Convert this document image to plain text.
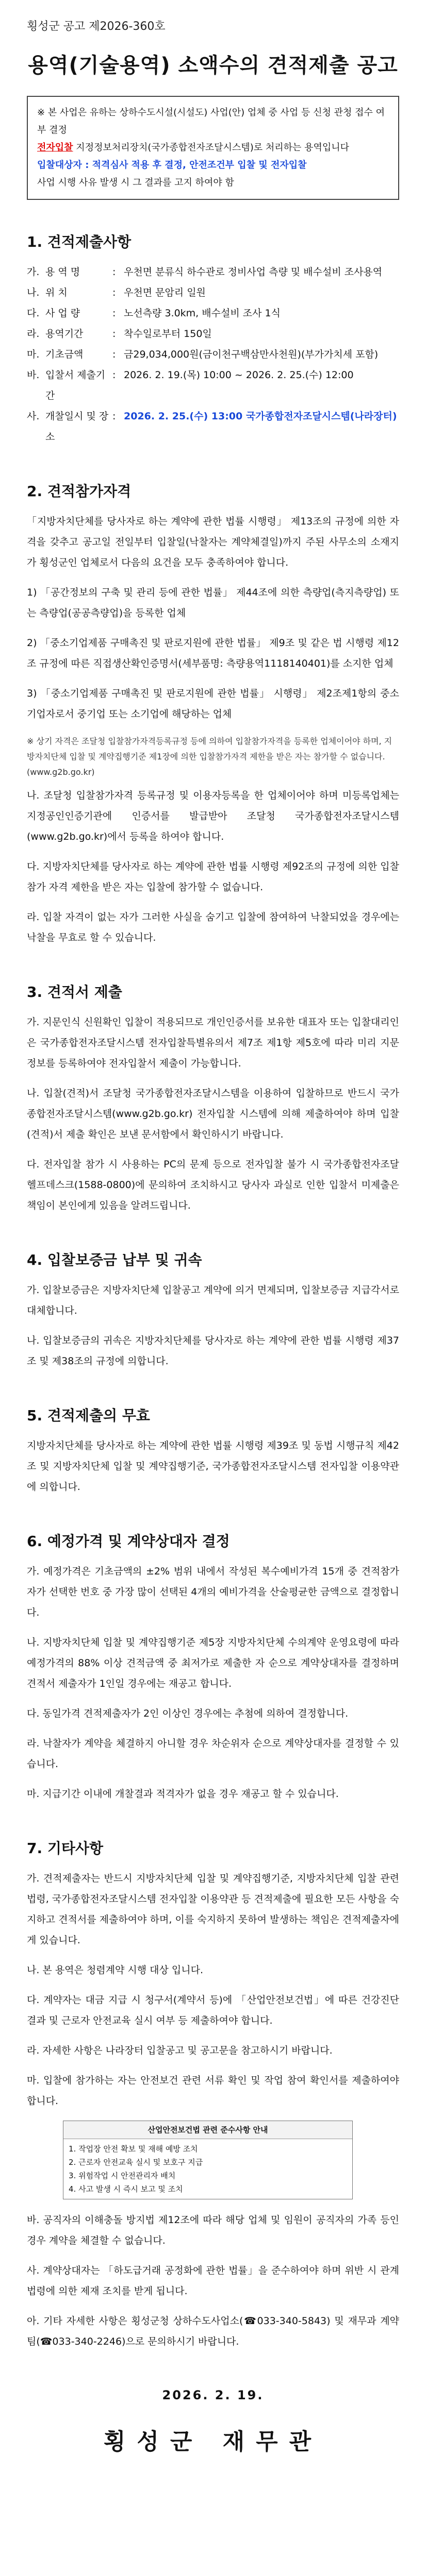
횡성군 공고 제2026-360호
용역(기술용역) 소액수의 견적제출 공고

※ 본 사업은 유하는 상하수도시설(시설도) 사업(안) 업체 중 사업 등 신청 관청 접수 여부 결정

전자입찰 지정정보처리장치(국가종합전자조달시스템)로 처리하는 용역입니다

입찰대상자 : 적격심사 적용 후 결정, 안전조건부 입찰 및 전자입찰

사업 시행 사유 발생 시 그 결과를 고지 하여야 함

1. 견적제출사항
가. 용 역 명	: 우천면 분류식 하수관로 정비사업 측량 및 배수설비 조사용역
나. 위 치	: 우천면 문암리 일원
다. 사 업 량	: 노선측량 3.0km, 배수설비 조사 1식
라. 용역기간	: 착수일로부터 150일
마. 기초금액	: 금29,034,000원(금이천구백삼만사천원)(부가가치세 포함)
바. 입찰서 제출기간
: 2026. 2. 19.(목) 10:00 ~ 2026. 2. 25.(수) 12:00
사. 개찰일시 및 장소
: 2026. 2. 25.(수) 13:00 국가종합전자조달시스템(나라장터)
2. 견적참가자격

「지방자치단체를 당사자로 하는 계약에 관한 법률 시행령」 제13조의 규정에 의한 자격을 갖추고 공고일 전일부터 입찰일(낙찰자는 계약체결일)까지 주된 사무소의 소재지가 횡성군인 업체로서 다음의 요건을 모두 충족하여야 합니다.

1) 「공간정보의 구축 및 관리 등에 관한 법률」 제44조에 의한 측량업(측지측량업) 또는 측량업(공공측량업)을 등록한 업체

2) 「중소기업제품 구매촉진 및 판로지원에 관한 법률」 제9조 및 같은 법 시행령 제12조 규정에 따른 직접생산확인증명서(세부품명: 측량용역1118140401)를 소지한 업체

3) 「중소기업제품 구매촉진 및 판로지원에 관한 법률」 시행령」 제2조제1항의 중소기업자로서 중기업 또는 소기업에 해당하는 업체

※ 상기 자격은 조달청 입찰참가자격등록규정 등에 의하여 입찰참가자격을 등록한 업체이어야 하며, 지방자치단체 입찰 및 계약집행기준 제1장에 의한 입찰참가자격 제한을 받은 자는 참가할 수 없습니다. (www.g2b.go.kr)

나. 조달청 입찰참가자격 등록규정 및 이용자등록을 한 업체이어야 하며 미등록업체는 지정공인인증기관에 인증서를 발급받아 조달청 국가종합전자조달시스템(www.g2b.go.kr)에서 등록을 하여야 합니다.

다. 지방자치단체를 당사자로 하는 계약에 관한 법률 시행령 제92조의 규정에 의한 입찰 참가 자격 제한을 받은 자는 입찰에 참가할 수 없습니다.

라. 입찰 자격이 없는 자가 그러한 사실을 숨기고 입찰에 참여하여 낙찰되었을 경우에는 낙찰을 무효로 할 수 있습니다.

3. 견적서 제출

가. 지문인식 신원확인 입찰이 적용되므로 개인인증서를 보유한 대표자 또는 입찰대리인은 국가종합전자조달시스템 전자입찰특별유의서 제7조 제1항 제5호에 따라 미리 지문정보를 등록하여야 전자입찰서 제출이 가능합니다.

나. 입찰(견적)서 조달청 국가종합전자조달시스템을 이용하여 입찰하므로 반드시 국가종합전자조달시스템(www.g2b.go.kr) 전자입찰 시스템에 의해 제출하여야 하며 입찰(견적)서 제출 확인은 보낸 문서함에서 확인하시기 바랍니다.

다. 전자입찰 참가 시 사용하는 PC의 문제 등으로 전자입찰 불가 시 국가종합전자조달 헬프데스크(1588-0800)에 문의하여 조치하시고 당사자 과실로 인한 입찰서 미제출은 책임이 본인에게 있음을 알려드립니다.

4. 입찰보증금 납부 및 귀속

가. 입찰보증금은 지방자치단체 입찰공고 계약에 의거 면제되며, 입찰보증금 지급각서로 대체합니다.

나. 입찰보증금의 귀속은 지방자치단체를 당사자로 하는 계약에 관한 법률 시행령 제37조 및 제38조의 규정에 의합니다.

5. 견적제출의 무효

지방자치단체를 당사자로 하는 계약에 관한 법률 시행령 제39조 및 동법 시행규칙 제42조 및 지방자치단체 입찰 및 계약집행기준, 국가종합전자조달시스템 전자입찰 이용약관에 의합니다.

6. 예정가격 및 계약상대자 결정

가. 예정가격은 기초금액의 ±2% 범위 내에서 작성된 복수예비가격 15개 중 견적참가자가 선택한 번호 중 가장 많이 선택된 4개의 예비가격을 산술평균한 금액으로 결정합니다.

나. 지방자치단체 입찰 및 계약집행기준 제5장 지방자치단체 수의계약 운영요령에 따라 예정가격의 88% 이상 견적금액 중 최저가로 제출한 자 순으로 계약상대자를 결정하며 견적서 제출자가 1인일 경우에는 재공고 합니다.

다. 동일가격 견적제출자가 2인 이상인 경우에는 추첨에 의하여 결정합니다.

라. 낙찰자가 계약을 체결하지 아니할 경우 차순위자 순으로 계약상대자를 결정할 수 있습니다.

마. 지급기간 이내에 개찰결과 적격자가 없을 경우 재공고 할 수 있습니다.

7. 기타사항

가. 견적제출자는 반드시 지방자치단체 입찰 및 계약집행기준, 지방자치단체 입찰 관련 법령, 국가종합전자조달시스템 전자입찰 이용약관 등 견적제출에 필요한 모든 사항을 숙지하고 견적서를 제출하여야 하며, 이를 숙지하지 못하여 발생하는 책임은 견적제출자에게 있습니다.

나. 본 용역은 청렴계약 시행 대상 입니다.

다. 계약자는 대금 지급 시 청구서(계약서 등)에 「산업안전보건법」에 따른 건강진단 결과 및 근로자 안전교육 실시 여부 등 제출하여야 합니다.

라. 자세한 사항은 나라장터 입찰공고 및 공고문을 참고하시기 바랍니다.

마. 입찰에 참가하는 자는 안전보건 관련 서류 확인 및 작업 참여 확인서를 제출하여야 합니다.

산업안전보건법 관련 준수사항 안내
1. 작업장 안전 확보 및 재해 예방 조치
2. 근로자 안전교육 실시 및 보호구 지급
3. 위험작업 시 안전관리자 배치
4. 사고 발생 시 즉시 보고 및 조치

바. 공직자의 이해충돌 방지법 제12조에 따라 해당 업체 및 임원이 공직자의 가족 등인 경우 계약을 체결할 수 없습니다.

사. 계약상대자는 「하도급거래 공정화에 관한 법률」을 준수하여야 하며 위반 시 관계법령에 의한 제재 조치를 받게 됩니다.

아. 기타 자세한 사항은 횡성군청 상하수도사업소(☎033-340-5843) 및 재무과 계약팀(☎033-340-2246)으로 문의하시기 바랍니다.

2026. 2. 19.
횡성군 재무관
